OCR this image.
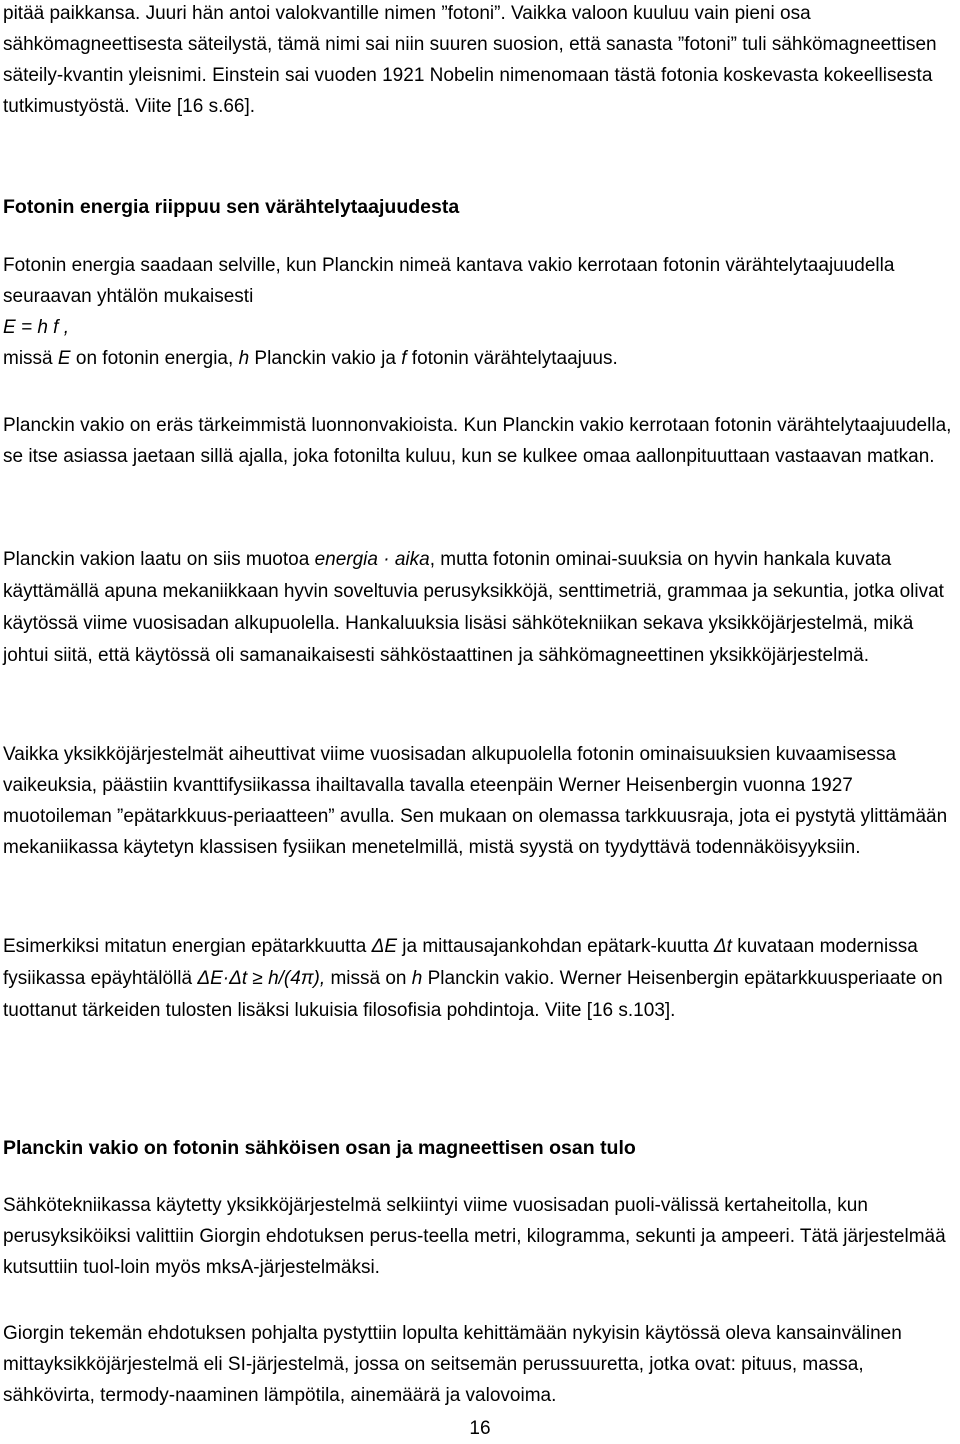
pitää paikkansa. Juuri hän antoi valokvantille nimen ”fotoni”. Vaikka valoon kuuluu vain pieni osa sähkömagneettisesta säteilystä, tämä nimi sai niin suuren suosion, että sanasta ”fotoni” tuli sähkömagneettisen säteily-kvantin yleisnimi. Einstein sai vuoden 1921 Nobelin nimenomaan tästä fotonia koskevasta kokeellisesta tutkimustyöstä. Viite [16 s.66].

Fotonin energia riippuu sen värähtelytaajuudesta

Fotonin energia saadaan selville, kun Planckin nimeä kantava vakio kerrotaan fotonin värähtelytaajuudella seuraavan yhtälön mukaisesti

E = h f ,
missä E on fotonin energia, h Planckin vakio ja f fotonin värähtelytaajuus.

Planckin vakio on eräs tärkeimmistä luonnonvakioista. Kun Planckin vakio kerrotaan fotonin värähtelytaajuudella, se itse asiassa jaetaan sillä ajalla, joka fotonilta kuluu, kun se kulkee omaa aallonpituuttaan vastaavan matkan.

Planckin vakion laatu on siis muotoa energia · aika, mutta fotonin ominai-suuksia on hyvin hankala kuvata käyttämällä apuna mekaniikkaan hyvin soveltuvia perusyksikköjä, senttimetriä, grammaa ja sekuntia, jotka olivat käytössä viime vuosisadan alkupuolella. Hankaluuksia lisäsi sähkötekniikan sekava yksikköjärjestelmä, mikä johtui siitä, että käytössä oli samanaikaisesti sähköstaattinen ja sähkömagneettinen yksikköjärjestelmä.

Vaikka yksikköjärjestelmät aiheuttivat viime vuosisadan alkupuolella fotonin ominaisuuksien kuvaamisessa vaikeuksia, päästiin kvanttifysiikassa ihailtavalla tavalla eteenpäin Werner Heisenbergin vuonna 1927 muotoileman ”epätarkkuus-periaatteen” avulla. Sen mukaan on olemassa tarkkuusraja, jota ei pystytä ylittämään mekaniikassa käytetyn klassisen fysiikan menetelmillä, mistä syystä on tyydyttävä todennäköisyyksiin.

Esimerkiksi mitatun energian epätarkkuutta ΔE ja mittausajankohdan epätark-kuutta Δt kuvataan modernissa fysiikassa epäyhtälöllä ΔE·Δt ≥ h/(4π), missä on h Planckin vakio. Werner Heisenbergin epätarkkuusperiaate on tuottanut tärkeiden tulosten lisäksi lukuisia filosofisia pohdintoja. Viite [16 s.103].

Planckin vakio on fotonin sähköisen osan ja magneettisen osan tulo

Sähkötekniikassa käytetty yksikköjärjestelmä selkiintyi viime vuosisadan puoli-välissä kertaheitolla, kun perusyksiköiksi valittiin Giorgin ehdotuksen perus-teella metri, kilogramma, sekunti ja ampeeri. Tätä järjestelmää kutsuttiin tuol-loin myös mksA-järjestelmäksi.

Giorgin tekemän ehdotuksen pohjalta pystyttiin lopulta kehittämään nykyisin käytössä oleva kansainvälinen mittayksikköjärjestelmä eli SI-järjestelmä, jossa on seitsemän perussuuretta, jotka ovat: pituus, massa, sähkövirta, termody-naaminen lämpötila, ainemäärä ja valovoima.

16
